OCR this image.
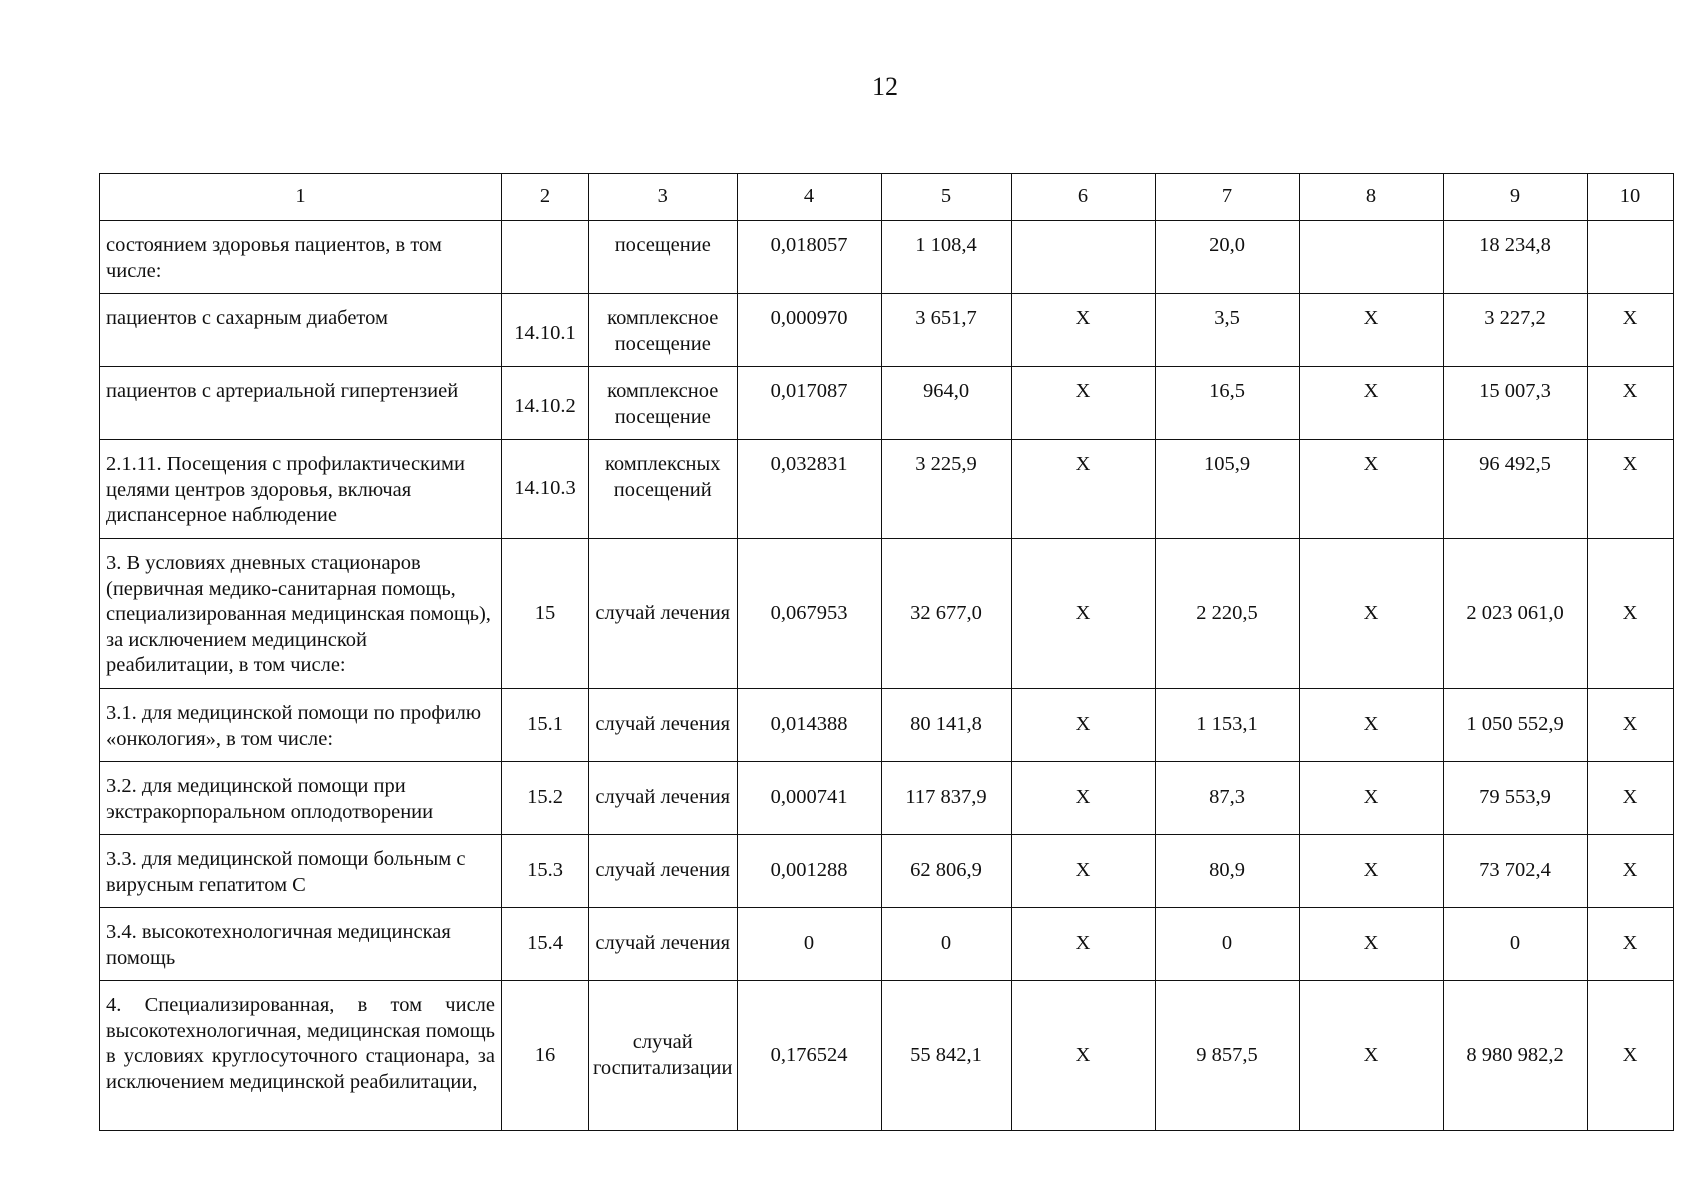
12
1	2	3	4	5	6	7	8	9	10
состоянием здоровья пациентов, в том числе:		посещение	0,018057	1 108,4		20,0		18 234,8	
пациентов с сахарным диабетом	14.10.1	комплексное посещение	0,000970	3 651,7	Х	3,5	Х	3 227,2	Х
пациентов с артериальной гипертензией	14.10.2	комплексное посещение	0,017087	964,0	Х	16,5	Х	15 007,3	Х
2.1.11. Посещения с профилактическими целями центров здоровья, включая диспансерное наблюдение	14.10.3	комплексных посещений	0,032831	3 225,9	Х	105,9	Х	96 492,5	Х
3. В условиях дневных стационаров (первичная медико-санитарная помощь, специализированная медицинская помощь), за исключением медицинской реабилитации, в том числе:	15	случай лечения	0,067953	32 677,0	Х	2 220,5	Х	2 023 061,0	Х
3.1. для медицинской помощи по профилю «онкология», в том числе:	15.1	случай лечения	0,014388	80 141,8	Х	1 153,1	Х	1 050 552,9	Х
3.2. для медицинской помощи при экстракорпоральном оплодотворении	15.2	случай лечения	0,000741	117 837,9	Х	87,3	Х	79 553,9	Х
3.3. для медицинской помощи больным с вирусным гепатитом С	15.3	случай лечения	0,001288	62 806,9	Х	80,9	Х	73 702,4	Х
3.4. высокотехнологичная медицинская помощь	15.4	случай лечения	0	0	Х	0	Х	0	Х
4. Специализированная, в том числе высокотехнологичная, медицинская помощь в условиях круглосуточного стационара, за исключением медицинской реабилитации,	16	случай госпитализации	0,176524	55 842,1	Х	9 857,5	Х	8 980 982,2	Х
